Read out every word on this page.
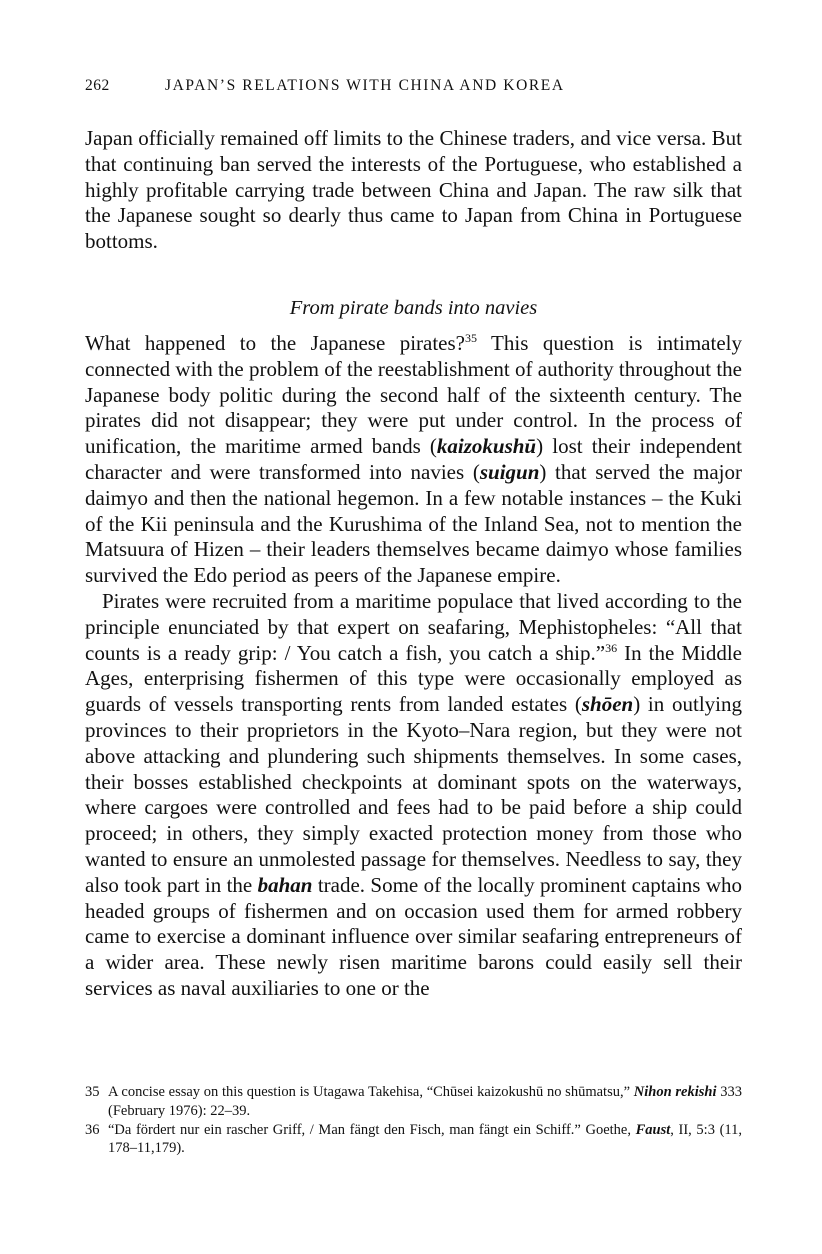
262	JAPAN’S RELATIONS WITH CHINA AND KOREA

Japan officially remained off limits to the Chinese traders, and vice versa. But that continuing ban served the interests of the Portuguese, who established a highly profitable carrying trade between China and Japan. The raw silk that the Japanese sought so dearly thus came to Japan from China in Portuguese bottoms.

From pirate bands into navies

What happened to the Japanese pirates?$^{35}$ This question is intimately connected with the problem of the reestablishment of authority throughout the Japanese body politic during the second half of the sixteenth century. The pirates did not disappear; they were put under control. In the process of unification, the maritime armed bands (kaizokushū) lost their independent character and were transformed into navies (suigun) that served the major daimyo and then the national hegemon. In a few notable instances – the Kuki of the Kii peninsula and the Kurushima of the Inland Sea, not to mention the Matsuura of Hizen – their leaders themselves became daimyo whose families survived the Edo period as peers of the Japanese empire.

Pirates were recruited from a maritime populace that lived according to the principle enunciated by that expert on seafaring, Mephistopheles: “All that counts is a ready grip: / You catch a fish, you catch a ship.”$^{36}$ In the Middle Ages, enterprising fishermen of this type were occasionally employed as guards of vessels transporting rents from landed estates (shōen) in outlying provinces to their proprietors in the Kyoto–Nara region, but they were not above attacking and plundering such shipments themselves. In some cases, their bosses established checkpoints at dominant spots on the waterways, where cargoes were controlled and fees had to be paid before a ship could proceed; in others, they simply exacted protection money from those who wanted to ensure an unmolested passage for themselves. Needless to say, they also took part in the bahan trade. Some of the locally prominent captains who headed groups of fishermen and on occasion used them for armed robbery came to exercise a dominant influence over similar seafaring entrepreneurs of a wider area. These newly risen maritime barons could easily sell their services as naval auxiliaries to one or the

35 A concise essay on this question is Utagawa Takehisa, “Chūsei kaizokushū no shūmatsu,” Nihon rekishi 333 (February 1976): 22–39.
36 “Da fördert nur ein rascher Griff, / Man fängt den Fisch, man fängt ein Schiff.” Goethe, Faust, II, 5:3 (11, 178–11,179).
